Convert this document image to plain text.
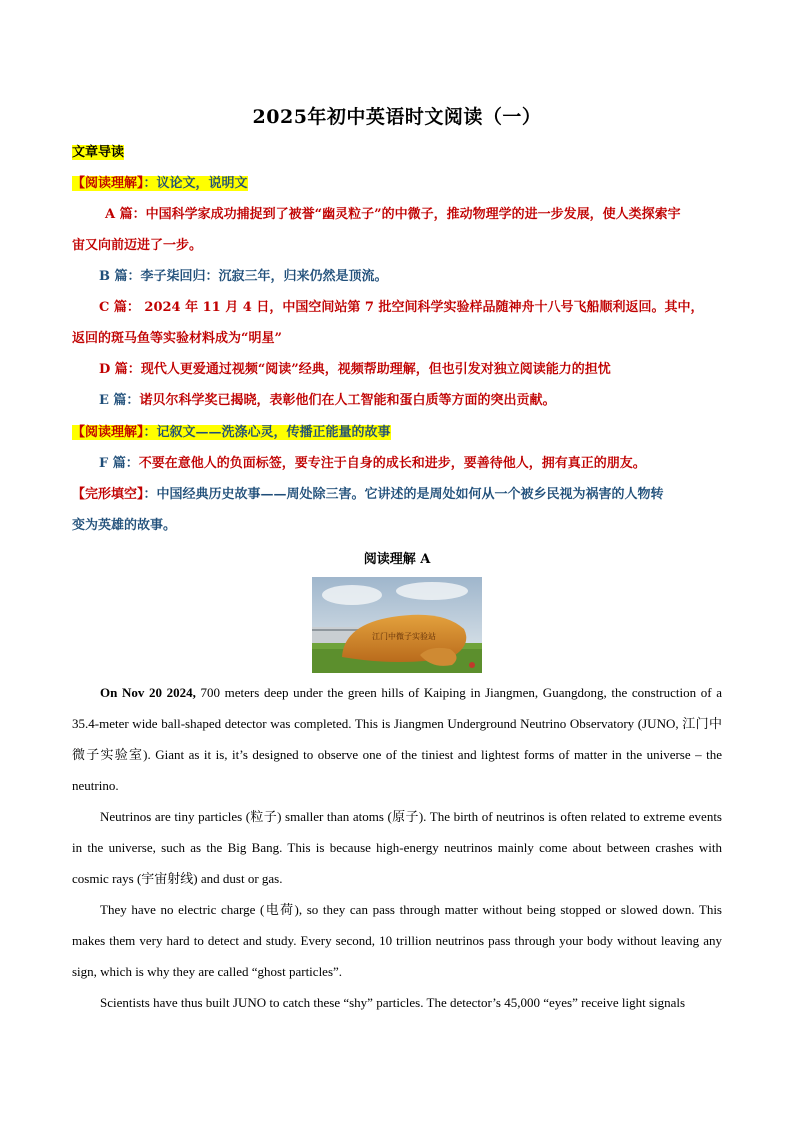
2025年初中英语时文阅读（一）
文章导读
【阅读理解】：议论文，说明文
A 篇：中国科学家成功捕捉到了被誉“幽灵粒子”的中微子，推动物理学的进一步发展，使人类探索宇
宙又向前迈进了一步。
B 篇：李子柒回归：沉寂三年，归来仍然是顶流。
C 篇： 2024 年 11 月 4 日，中国空间站第 7 批空间科学实验样品随神舟十八号飞船顺利返回。其中，
返回的斑马鱼等实验材料成为“明星”
D 篇：现代人更爱通过视频“阅读”经典，视频帮助理解，但也引发对独立阅读能力的担忧
E 篇：诺贝尔科学奖已揭晓，表彰他们在人工智能和蛋白质等方面的突出贡献。
【阅读理解】：记叙文——洗涤心灵，传播正能量的故事
F 篇：不要在意他人的负面标签，要专注于自身的成长和进步，要善待他人，拥有真正的朋友。
【完形填空】：中国经典历史故事——周处除三害。它讲述的是周处如何从一个被乡民视为祸害的人物转
变为英雄的故事。
阅读理解 A
江门中微子实验站

On Nov 20 2024, 700 meters deep under the green hills of Kaiping in Jiangmen, Guangdong, the construction of a 35.4-meter wide ball-shaped detector was completed. This is Jiangmen Underground Neutrino Observatory (JUNO, 江门中微子实验室). Giant as it is, it’s designed to observe one of the tiniest and lightest forms of matter in the universe – the neutrino.

Neutrinos are tiny particles (粒子) smaller than atoms (原子). The birth of neutrinos is often related to extreme events in the universe, such as the Big Bang. This is because high-energy neutrinos mainly come about between crashes with cosmic rays (宇宙射线) and dust or gas.

They have no electric charge (电荷), so they can pass through matter without being stopped or slowed down. This makes them very hard to detect and study. Every second, 10 trillion neutrinos pass through your body without leaving any sign, which is why they are called “ghost particles”.

Scientists have thus built JUNO to catch these “shy” particles. The detector’s 45,000 “eyes” receive light signals
